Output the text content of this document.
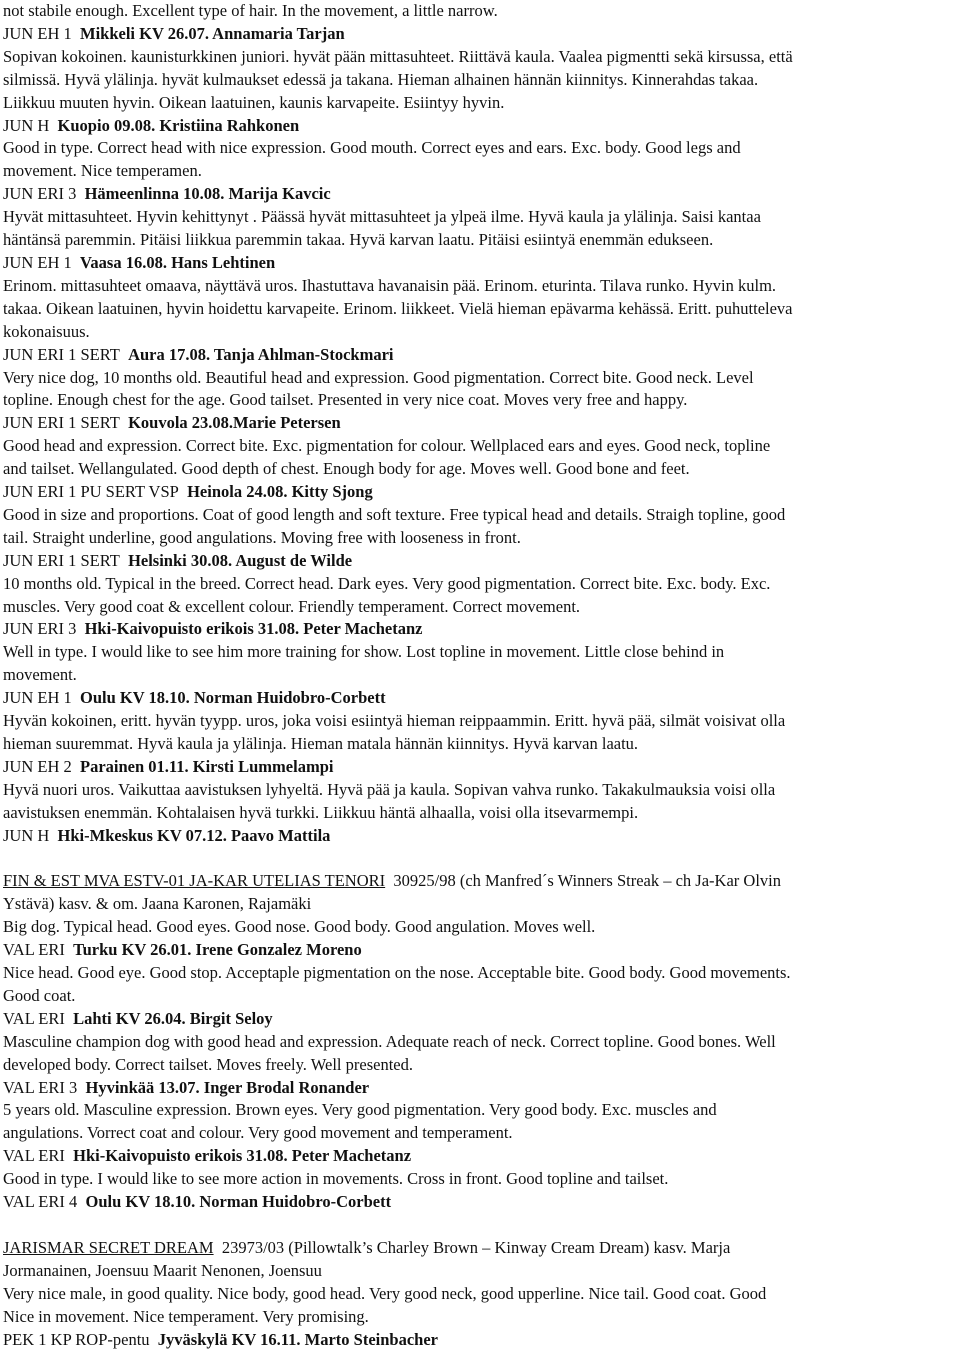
not stabile enough. Excellent type of hair. In the movement, a little narrow.
JUN EH 1 Mikkeli KV 26.07. Annamaria Tarjan
Sopivan kokoinen. kaunisturkkinen juniori. hyvät pään mittasuhteet. Riittävä kaula. Vaalea pigmentti sekä kirsussa, että
silmissä. Hyvä ylälinja. hyvät kulmaukset edessä ja takana. Hieman alhainen hännän kiinnitys. Kinnerahdas takaa.
Liikkuu muuten hyvin. Oikean laatuinen, kaunis karvapeite. Esiintyy hyvin.
JUN H Kuopio 09.08. Kristiina Rahkonen
Good in type. Correct head with nice expression. Good mouth. Correct eyes and ears. Exc. body. Good legs and
movement. Nice temperamen.
JUN ERI 3 Hämeenlinna 10.08. Marija Kavcic
Hyvät mittasuhteet. Hyvin kehittynyt . Päässä hyvät mittasuhteet ja ylpeä ilme. Hyvä kaula ja ylälinja. Saisi kantaa
häntänsä paremmin. Pitäisi liikkua paremmin takaa. Hyvä karvan laatu. Pitäisi esiintyä enemmän edukseen.
JUN EH 1 Vaasa 16.08. Hans Lehtinen
Erinom. mittasuhteet omaava, näyttävä uros. Ihastuttava havanaisin pää. Erinom. eturinta. Tilava runko. Hyvin kulm.
takaa. Oikean laatuinen, hyvin hoidettu karvapeite. Erinom. liikkeet. Vielä hieman epävarma kehässä. Eritt. puhutteleva
kokonaisuus.
JUN ERI 1 SERT Aura 17.08. Tanja Ahlman-Stockmari
Very nice dog, 10 months old. Beautiful head and expression. Good pigmentation. Correct bite. Good neck. Level
topline. Enough chest for the age. Good tailset. Presented in very nice coat. Moves very free and happy.
JUN ERI 1 SERT Kouvola 23.08.Marie Petersen
Good head and expression. Correct bite. Exc. pigmentation for colour. Wellplaced ears and eyes. Good neck, topline
and tailset. Wellangulated. Good depth of chest. Enough body for age. Moves well. Good bone and feet.
JUN ERI 1 PU SERT VSP Heinola 24.08. Kitty Sjong
Good in size and proportions. Coat of good length and soft texture. Free typical head and details. Straigh topline, good
tail. Straight underline, good angulations. Moving free with looseness in front.
JUN ERI 1 SERT Helsinki 30.08. August de Wilde
10 months old. Typical in the breed. Correct head. Dark eyes. Very good pigmentation. Correct bite. Exc. body. Exc.
muscles. Very good coat & excellent colour. Friendly temperament. Correct movement.
JUN ERI 3 Hki-Kaivopuisto erikois 31.08. Peter Machetanz
Well in type. I would like to see him more training for show. Lost topline in movement. Little close behind in
movement.
JUN EH 1 Oulu KV 18.10. Norman Huidobro-Corbett
Hyvän kokoinen, eritt. hyvän tyypp. uros, joka voisi esiintyä hieman reippaammin. Eritt. hyvä pää, silmät voisivat olla
hieman suuremmat. Hyvä kaula ja ylälinja. Hieman matala hännän kiinnitys. Hyvä karvan laatu.
JUN EH 2 Parainen 01.11. Kirsti Lummelampi
Hyvä nuori uros. Vaikuttaa aavistuksen lyhyeltä. Hyvä pää ja kaula. Sopivan vahva runko. Takakulmauksia voisi olla
aavistuksen enemmän. Kohtalaisen hyvä turkki. Liikkuu häntä alhaalla, voisi olla itsevarmempi.
JUN H Hki-Mkeskus KV 07.12. Paavo Mattila
FIN & EST MVA ESTV-01 JA-KAR UTELIAS TENORI 30925/98 (ch Manfred´s Winners Streak – ch Ja-Kar Olvin
Ystävä) kasv. & om. Jaana Karonen, Rajamäki
Big dog. Typical head. Good eyes. Good nose. Good body. Good angulation. Moves well.
VAL ERI Turku KV 26.01. Irene Gonzalez Moreno
Nice head. Good eye. Good stop. Acceptaple pigmentation on the nose. Acceptable bite. Good body. Good movements.
Good coat.
VAL ERI Lahti KV 26.04. Birgit Seloy
Masculine champion dog with good head and expression. Adequate reach of neck. Correct topline. Good bones. Well
developed body. Correct tailset. Moves freely. Well presented.
VAL ERI 3 Hyvinkää 13.07. Inger Brodal Ronander
5 years old. Masculine expression. Brown eyes. Very good pigmentation. Very good body. Exc. muscles and
angulations. Vorrect coat and colour. Very good movement and temperament.
VAL ERI Hki-Kaivopuisto erikois 31.08. Peter Machetanz
Good in type. I would like to see more action in movements. Cross in front. Good topline and tailset.
VAL ERI 4 Oulu KV 18.10. Norman Huidobro-Corbett
JARISMAR SECRET DREAM 23973/03 (Pillowtalk’s Charley Brown – Kinway Cream Dream) kasv. Marja
Jormanainen, Joensuu Maarit Nenonen, Joensuu
Very nice male, in good quality. Nice body, good head. Very good neck, good upperline. Nice tail. Good coat. Good
Nice in movement. Nice temperament. Very promising.
PEK 1 KP ROP-pentu Jyväskylä KV 16.11. Marto Steinbacher
